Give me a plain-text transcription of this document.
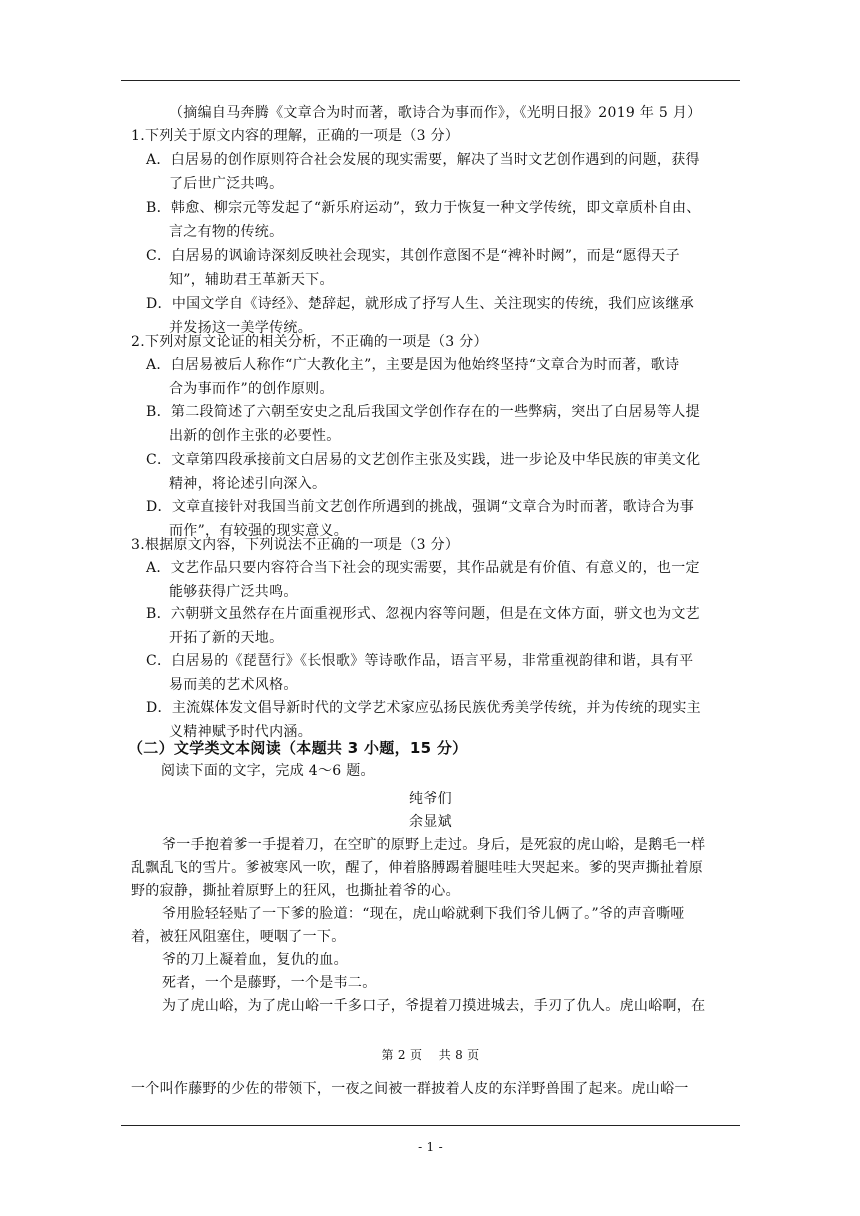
（摘编自马奔腾《文章合为时而著，歌诗合为事而作》，《光明日报》2019 年 5 月）
1.下列关于原文内容的理解，正确的一项是（3 分）
A．白居易的创作原则符合社会发展的现实需要，解决了当时文艺创作遇到的问题，获得
了后世广泛共鸣。
B．韩愈、柳宗元等发起了“新乐府运动”，致力于恢复一种文学传统，即文章质朴自由、
言之有物的传统。
C．白居易的讽谕诗深刻反映社会现实，其创作意图不是“裨补时阙”，而是“愿得天子
知”，辅助君王革新天下。
D．中国文学自《诗经》、楚辞起，就形成了抒写人生、关注现实的传统，我们应该继承
并发扬这一美学传统。
2.下列对原文论证的相关分析，不正确的一项是（3 分）
A．白居易被后人称作“广大教化主”，主要是因为他始终坚持“文章合为时而著，歌诗
合为事而作”的创作原则。
B．第二段简述了六朝至安史之乱后我国文学创作存在的一些弊病，突出了白居易等人提
出新的创作主张的必要性。
C．文章第四段承接前文白居易的文艺创作主张及实践，进一步论及中华民族的审美文化
精神，将论述引向深入。
D．文章直接针对我国当前文艺创作所遇到的挑战，强调“文章合为时而著，歌诗合为事
而作”，有较强的现实意义。
3.根据原文内容，下列说法不正确的一项是（3 分）
A．文艺作品只要内容符合当下社会的现实需要，其作品就是有价值、有意义的，也一定
能够获得广泛共鸣。
B．六朝骈文虽然存在片面重视形式、忽视内容等问题，但是在文体方面，骈文也为文艺
开拓了新的天地。
C．白居易的《琵琶行》《长恨歌》等诗歌作品，语言平易，非常重视韵律和谐，具有平
易而美的艺术风格。
D．主流媒体发文倡导新时代的文学艺术家应弘扬民族优秀美学传统，并为传统的现实主
义精神赋予时代内涵。
（二）文学类文本阅读（本题共 3 小题，15 分）
阅读下面的文字，完成 4～6 题。
纯爷们
余显斌
爷一手抱着爹一手提着刀，在空旷的原野上走过。身后，是死寂的虎山峪，是鹅毛一样
乱飘乱飞的雪片。爹被寒风一吹，醒了，伸着胳膊踢着腿哇哇大哭起来。爹的哭声撕扯着原
野的寂静，撕扯着原野上的狂风，也撕扯着爷的心。
爷用脸轻轻贴了一下爹的脸道：“现在，虎山峪就剩下我们爷儿俩了。”爷的声音嘶哑
着，被狂风阻塞住，哽咽了一下。
爷的刀上凝着血，复仇的血。
死者，一个是藤野，一个是韦二。
为了虎山峪，为了虎山峪一千多口子，爷提着刀摸进城去，手刃了仇人。虎山峪啊，在
第 2 页　 共 8 页
一个叫作藤野的少佐的带领下，一夜之间被一群披着人皮的东洋野兽围了起来。虎山峪一
- 1 -
